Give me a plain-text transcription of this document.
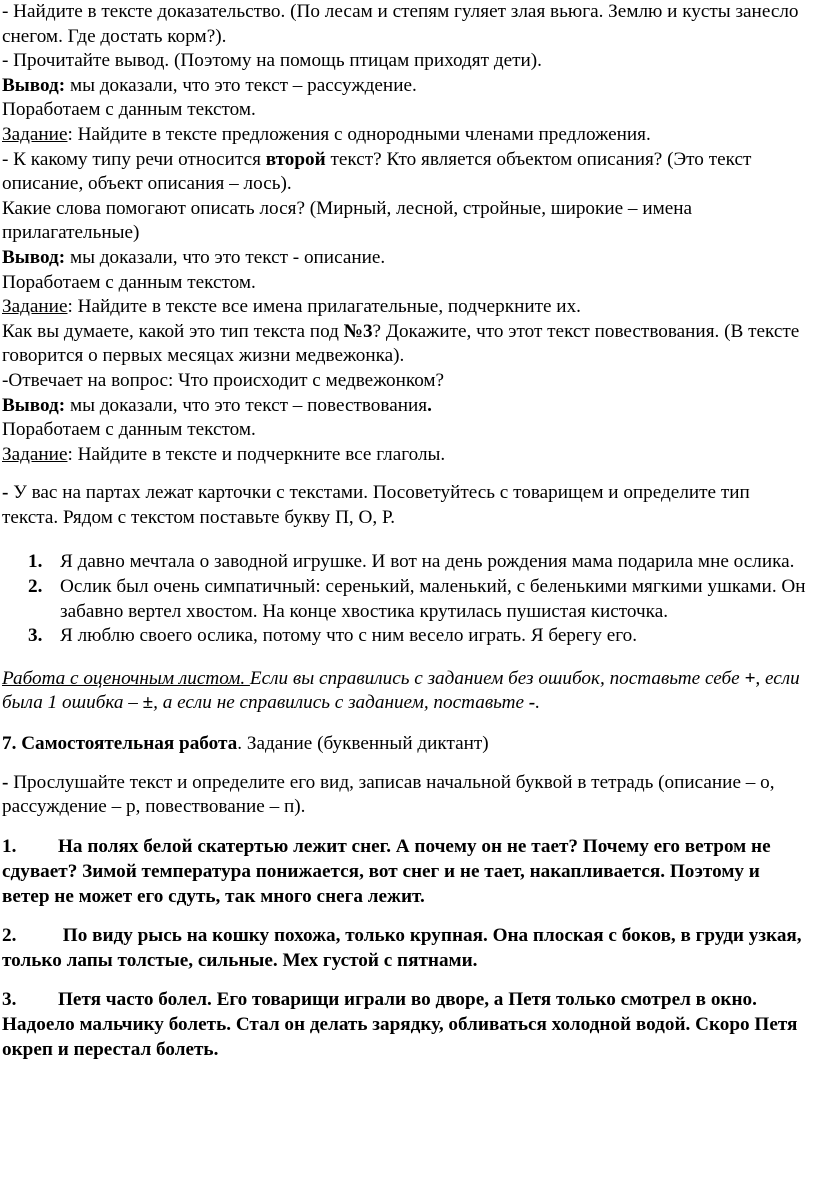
- Найдите в тексте доказательство. (По лесам и степям гуляет злая вьюга. Землю и кусты занесло снегом. Где достать корм?).

- Прочитайте вывод. (Поэтому на помощь птицам приходят дети).

Вывод: мы доказали, что это текст – рассуждение.

Поработаем с данным текстом.

Задание: Найдите в тексте предложения с однородными членами предложения.

- К какому типу речи относится второй текст? Кто является объектом описания? (Это текст описание, объект описания – лось).

Какие слова помогают описать лося? (Мирный, лесной, стройные, широкие – имена прилагательные)

Вывод: мы доказали, что это текст - описание.

Поработаем с данным текстом.

Задание: Найдите в тексте все имена прилагательные, подчеркните их.

Как вы думаете, какой это тип текста под №3? Докажите, что этот текст повествования. (В тексте говорится о первых месяцах жизни медвежонка).

-Отвечает на вопрос: Что происходит с медвежонком?

Вывод: мы доказали, что это текст – повествования.

Поработаем с данным текстом.

Задание: Найдите в тексте и подчеркните все глаголы.

- У вас на партах лежат карточки с текстами. Посоветуйтесь с товарищем и определите тип текста. Рядом с текстом поставьте букву П, О, Р.

1. Я давно мечтала о заводной игрушке. И вот на день рождения мама подарила мне ослика.
2. Ослик был очень симпатичный: серенький, маленький, с беленькими мягкими ушками. Он забавно вертел хвостом. На конце хвостика крутилась пушистая кисточка.
3. Я люблю своего ослика, потому что с ним весело играть. Я берегу его.

Работа с оценочным листом. Если вы справились с заданием без ошибок, поставьте себе +, если была 1 ошибка – ±, а если не справились с заданием, поставьте -.

7. Самостоятельная работа. Задание (буквенный диктант)

- Прослушайте текст и определите его вид, записав начальной буквой в тетрадь (описание – о, рассуждение – р, повествование – п).

1. На полях белой скатертью лежит снег. А почему он не тает? Почему его ветром не сдувает? Зимой температура понижается, вот снег и не тает, накапливается. Поэтому и ветер не может его сдуть, так много снега лежит.

2. По виду рысь на кошку похожа, только крупная. Она плоская с боков, в груди узкая, только лапы толстые, сильные. Мех густой с пятнами.

3. Петя часто болел. Его товарищи играли во дворе, а Петя только смотрел в окно. Надоело мальчику болеть. Стал он делать зарядку, обливаться холодной водой. Скоро Петя окреп и перестал болеть.
